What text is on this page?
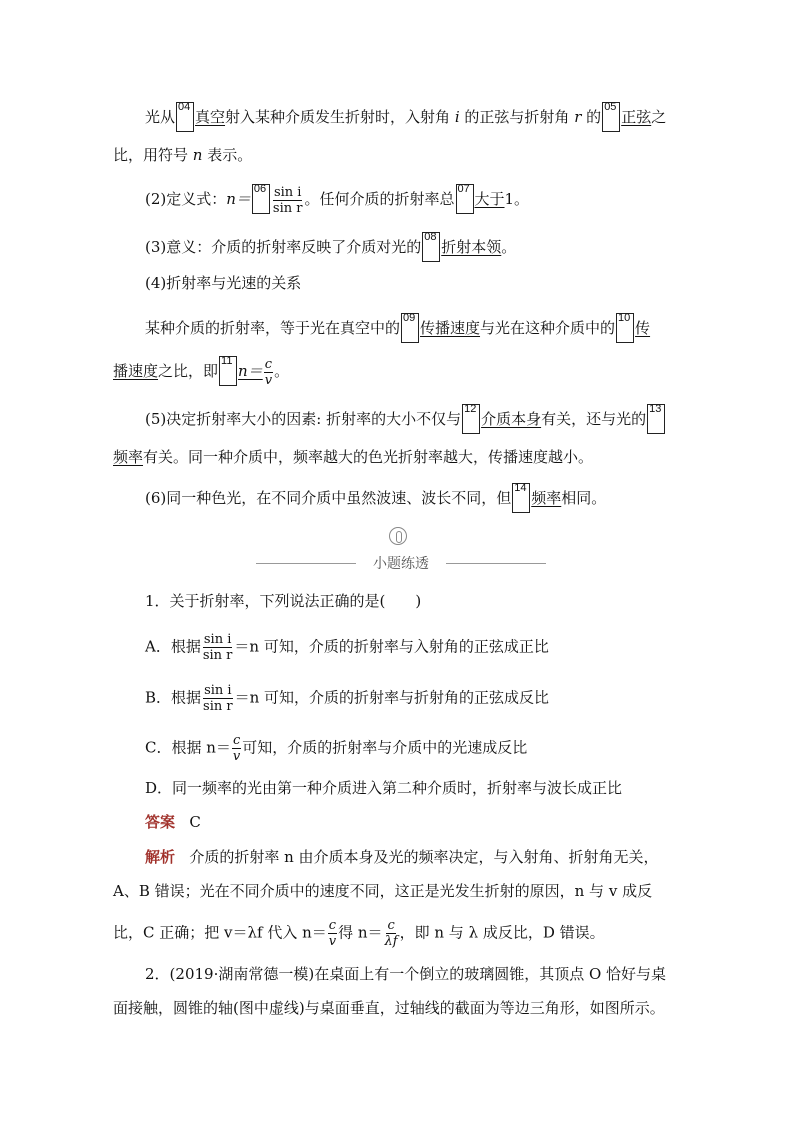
光从
04
真空射入某种介质发生折射时，入射角 i 的正弦与折射角 r 的
05
正弦之
比，用符号 n 表示。
(2)定义式：n＝
$06 \frac{\text{sin i}}{\text{sin r}}$ 。任何介质的折射率总
07
大于1。
(3)意义：介质的折射率反映了介质对光的
08
折射本领。
(4)折射率与光速的关系
某种介质的折射率，等于光在真空中的
09
传播速度与光在这种介质中的
10
传
播速度之比，即
11
$n= \frac{c}{v}$ 。
(5)决定折射率大小的因素: 折射率的大小不仅与
12
介质本身有关，还与光的
13
频率有关。同一种介质中，频率越大的色光折射率越大，传播速度越小。
(6)同一种色光，在不同介质中虽然波速、波长不同，但
14
频率相同。
小题练透
1．关于折射率，下列说法正确的是(　　)
A．根据 $\frac{\text{sin i}}{\text{sin r}} =n$ 可知，介质的折射率与入射角的正弦成正比
B．根据 $\frac{\text{sin i}}{\text{sin r}} =n$ 可知，介质的折射率与折射角的正弦成反比
C．根据 $n= \frac{c}{v}$ 可知，介质的折射率与介质中的光速成反比
D．同一频率的光由第一种介质进入第二种介质时，折射率与波长成正比
答案 C
解析 介质的折射率 n 由介质本身及光的频率决定，与入射角、折射角无关，
A、B 错误；光在不同介质中的速度不同，这正是光发生折射的原因，n 与 v 成反
比，C 正确；把 v＝λf 代入 $n= \frac{c}{v}$ 得 $n= \frac{c}{\lambda f}$ ，即 n 与 λ 成反比，D 错误。
2．(2019·湖南常德一模)在桌面上有一个倒立的玻璃圆锥，其顶点 O 恰好与桌
面接触，圆锥的轴(图中虚线)与桌面垂直，过轴线的截面为等边三角形，如图所示。
